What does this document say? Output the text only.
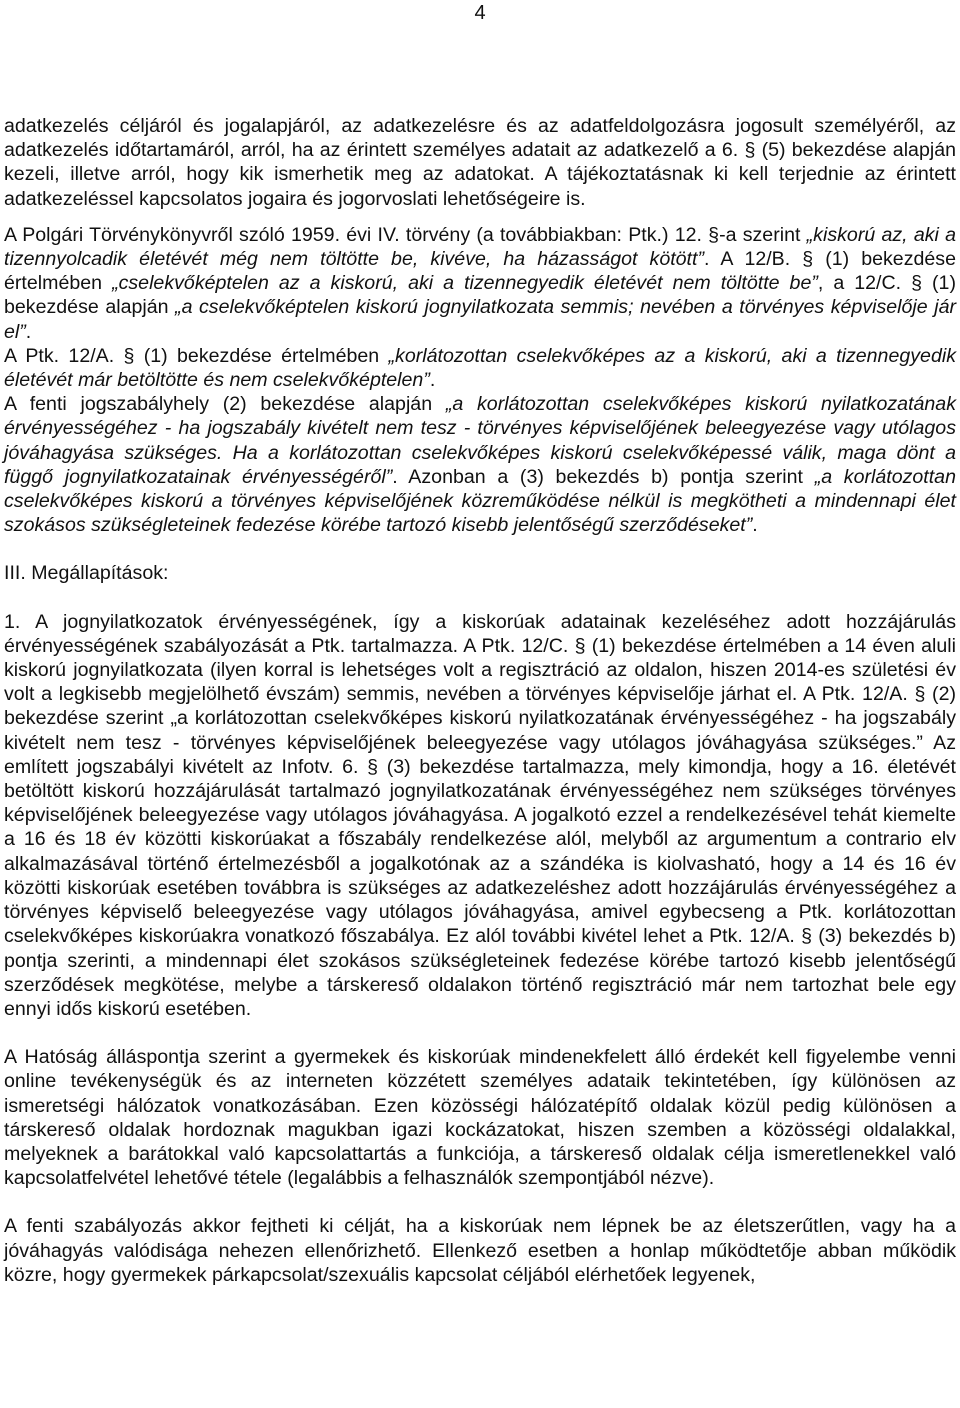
4

adatkezelés céljáról és jogalapjáról, az adatkezelésre és az adatfeldolgozásra jogosult személyéről, az adatkezelés időtartamáról, arról, ha az érintett személyes adatait az adatkezelő a 6. § (5) bekezdése alapján kezeli, illetve arról, hogy kik ismerhetik meg az adatokat. A tájékoztatásnak ki kell terjednie az érintett adatkezeléssel kapcsolatos jogaira és jogorvoslati lehetőségeire is.

A Polgári Törvénykönyvről szóló 1959. évi IV. törvény (a továbbiakban: Ptk.) 12. §-a szerint „kiskorú az, aki a tizennyolcadik életévét még nem töltötte be, kivéve, ha házasságot kötött”. A 12/B. § (1) bekezdése értelmében „cselekvőképtelen az a kiskorú, aki a tizennegyedik életévét nem töltötte be”, a 12/C. § (1) bekezdése alapján „a cselekvőképtelen kiskorú jognyilatkozata semmis; nevében a törvényes képviselője jár el”.

A Ptk. 12/A. § (1) bekezdése értelmében „korlátozottan cselekvőképes az a kiskorú, aki a tizennegyedik életévét már betöltötte és nem cselekvőképtelen”.

A fenti jogszabályhely (2) bekezdése alapján „a korlátozottan cselekvőképes kiskorú nyilatkozatának érvényességéhez - ha jogszabály kivételt nem tesz - törvényes képviselőjének beleegyezése vagy utólagos jóváhagyása szükséges. Ha a korlátozottan cselekvőképes kiskorú cselekvőképessé válik, maga dönt a függő jognyilatkozatainak érvényességéről”. Azonban a (3) bekezdés b) pontja szerint „a korlátozottan cselekvőképes kiskorú a törvényes képviselőjének közreműködése nélkül is megkötheti a mindennapi élet szokásos szükségleteinek fedezése körébe tartozó kisebb jelentőségű szerződéseket”.

III. Megállapítások:

1. A jognyilatkozatok érvényességének, így a kiskorúak adatainak kezeléséhez adott hozzájárulás érvényességének szabályozását a Ptk. tartalmazza. A Ptk. 12/C. § (1) bekezdése értelmében a 14 éven aluli kiskorú jognyilatkozata (ilyen korral is lehetséges volt a regisztráció az oldalon, hiszen 2014-es születési év volt a legkisebb megjelölhető évszám) semmis, nevében a törvényes képviselője járhat el. A Ptk. 12/A. § (2) bekezdése szerint „a korlátozottan cselekvőképes kiskorú nyilatkozatának érvényességéhez - ha jogszabály kivételt nem tesz - törvényes képviselőjének beleegyezése vagy utólagos jóváhagyása szükséges.” Az említett jogszabályi kivételt az Infotv. 6. § (3) bekezdése tartalmazza, mely kimondja, hogy a 16. életévét betöltött kiskorú hozzájárulását tartalmazó jognyilatkozatának érvényességéhez nem szükséges törvényes képviselőjének beleegyezése vagy utólagos jóváhagyása. A jogalkotó ezzel a rendelkezésével tehát kiemelte a 16 és 18 év közötti kiskorúakat a főszabály rendelkezése alól, melyből az argumentum a contrario elv alkalmazásával történő értelmezésből a jogalkotónak az a szándéka is kiolvasható, hogy a 14 és 16 év közötti kiskorúak esetében továbbra is szükséges az adatkezeléshez adott hozzájárulás érvényességéhez a törvényes képviselő beleegyezése vagy utólagos jóváhagyása, amivel egybecseng a Ptk. korlátozottan cselekvőképes kiskorúakra vonatkozó főszabálya. Ez alól további kivétel lehet a Ptk. 12/A. § (3) bekezdés b) pontja szerinti, a mindennapi élet szokásos szükségleteinek fedezése körébe tartozó kisebb jelentőségű szerződések megkötése, melybe a társkereső oldalakon történő regisztráció már nem tartozhat bele egy ennyi idős kiskorú esetében.

A Hatóság álláspontja szerint a gyermekek és kiskorúak mindenekfelett álló érdekét kell figyelembe venni online tevékenységük és az interneten közzétett személyes adataik tekintetében, így különösen az ismeretségi hálózatok vonatkozásában. Ezen közösségi hálózatépítő oldalak közül pedig különösen a társkereső oldalak hordoznak magukban igazi kockázatokat, hiszen szemben a közösségi oldalakkal, melyeknek a barátokkal való kapcsolattartás a funkciója, a társkereső oldalak célja ismeretlenekkel való kapcsolatfelvétel lehetővé tétele (legalábbis a felhasználók szempontjából nézve).

A fenti szabályozás akkor fejtheti ki célját, ha a kiskorúak nem lépnek be az életszerűtlen, vagy ha a jóváhagyás valódisága nehezen ellenőrizhető. Ellenkező esetben a honlap működtetője abban működik közre, hogy gyermekek párkapcsolat/szexuális kapcsolat céljából elérhetőek legyenek,
